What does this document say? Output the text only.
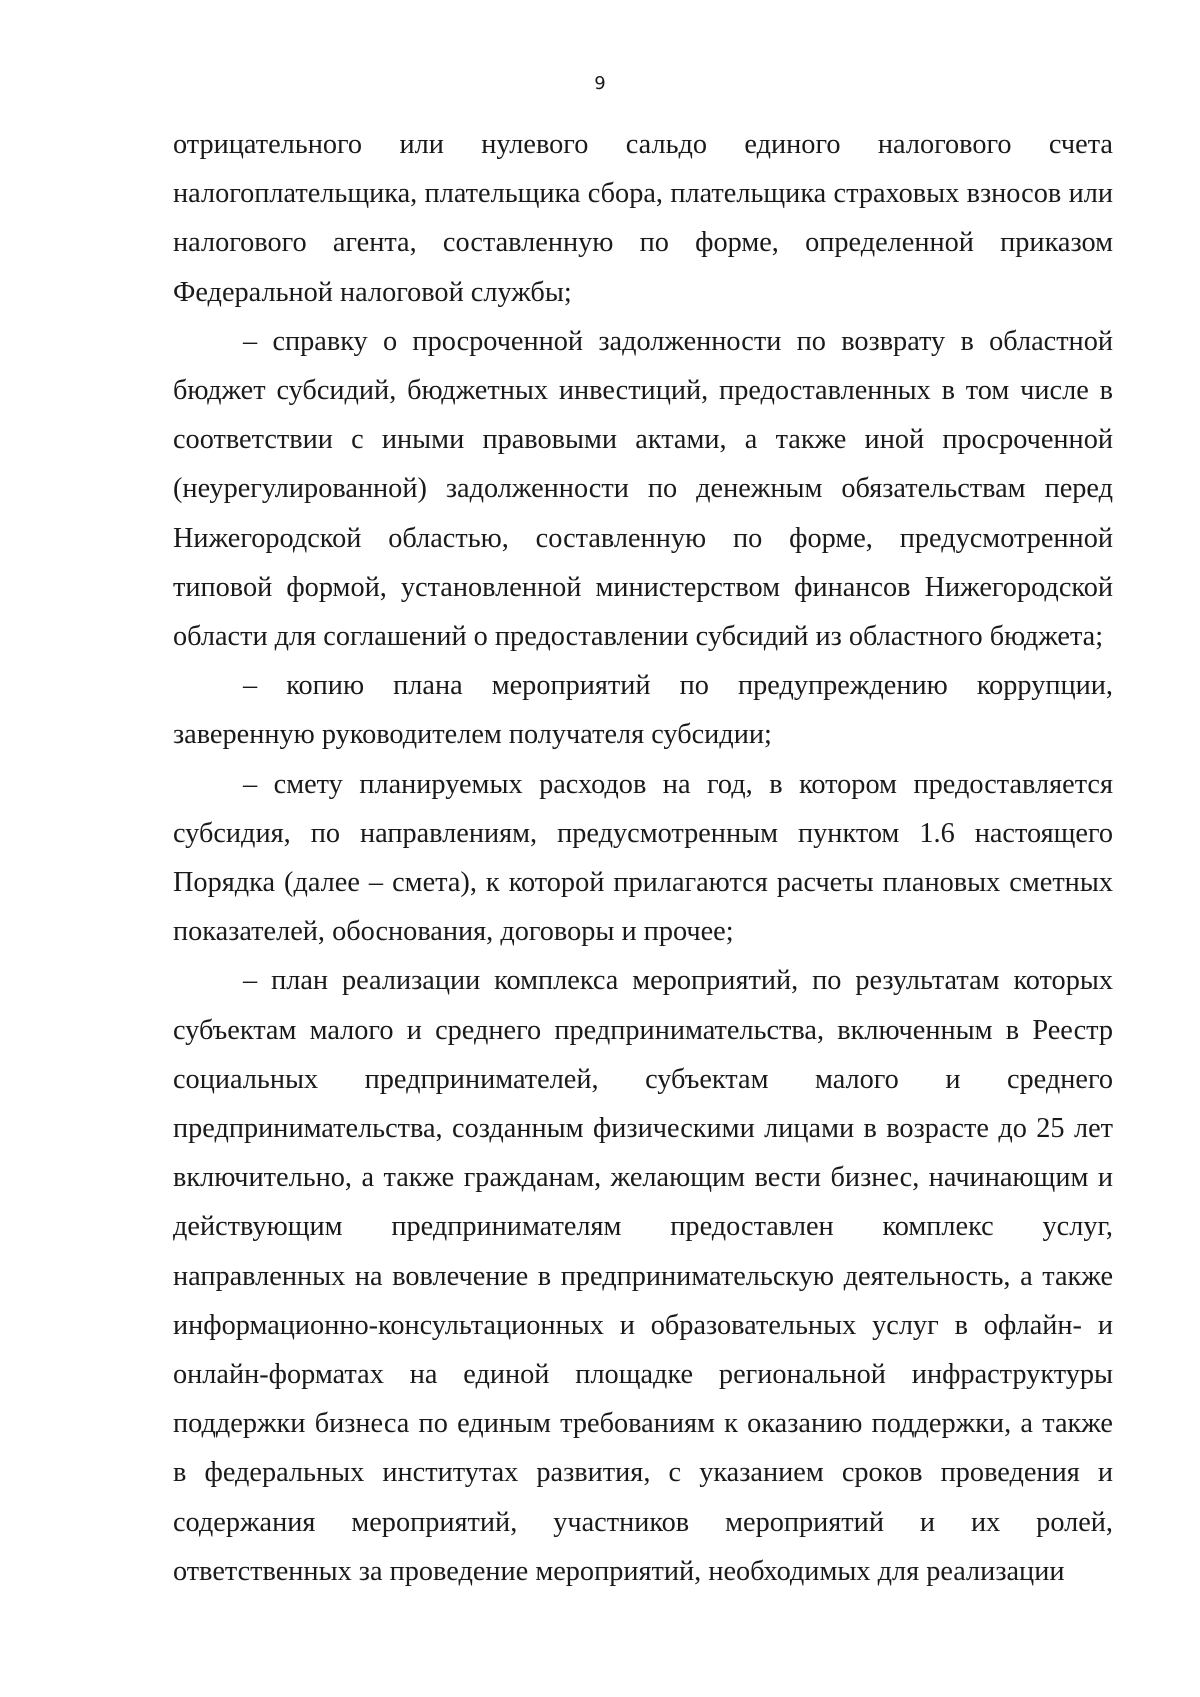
9

отрицательного или нулевого сальдо единого налогового счета налогоплательщика, плательщика сбора, плательщика страховых взносов или налогового агента, составленную по форме, определенной приказом Федеральной налоговой службы;

– справку о просроченной задолженности по возврату в областной бюджет субсидий, бюджетных инвестиций, предоставленных в том числе в соответствии с иными правовыми актами, а также иной просроченной (неурегулированной) задолженности по денежным обязательствам перед Нижегородской областью, составленную по форме, предусмотренной типовой формой, установленной министерством финансов Нижегородской области для соглашений о предоставлении субсидий из областного бюджета;

– копию плана мероприятий по предупреждению коррупции, заверенную руководителем получателя субсидии;

– смету планируемых расходов на год, в котором предоставляется субсидия, по направлениям, предусмотренным пунктом 1.6 настоящего Порядка (далее – смета), к которой прилагаются расчеты плановых сметных показателей, обоснования, договоры и прочее;

– план реализации комплекса мероприятий, по результатам которых субъектам малого и среднего предпринимательства, включенным в Реестр социальных предпринимателей, субъектам малого и среднего предпринимательства, созданным физическими лицами в возрасте до 25 лет включительно, а также гражданам, желающим вести бизнес, начинающим и действующим предпринимателям предоставлен комплекс услуг, направленных на вовлечение в предпринимательскую деятельность, а также информационно-консультационных и образовательных услуг в офлайн- и онлайн-форматах на единой площадке региональной инфраструктуры поддержки бизнеса по единым требованиям к оказанию поддержки, а также в федеральных институтах развития, с указанием сроков проведения и содержания мероприятий, участников мероприятий и их ролей, ответственных за проведение мероприятий, необходимых для реализации
